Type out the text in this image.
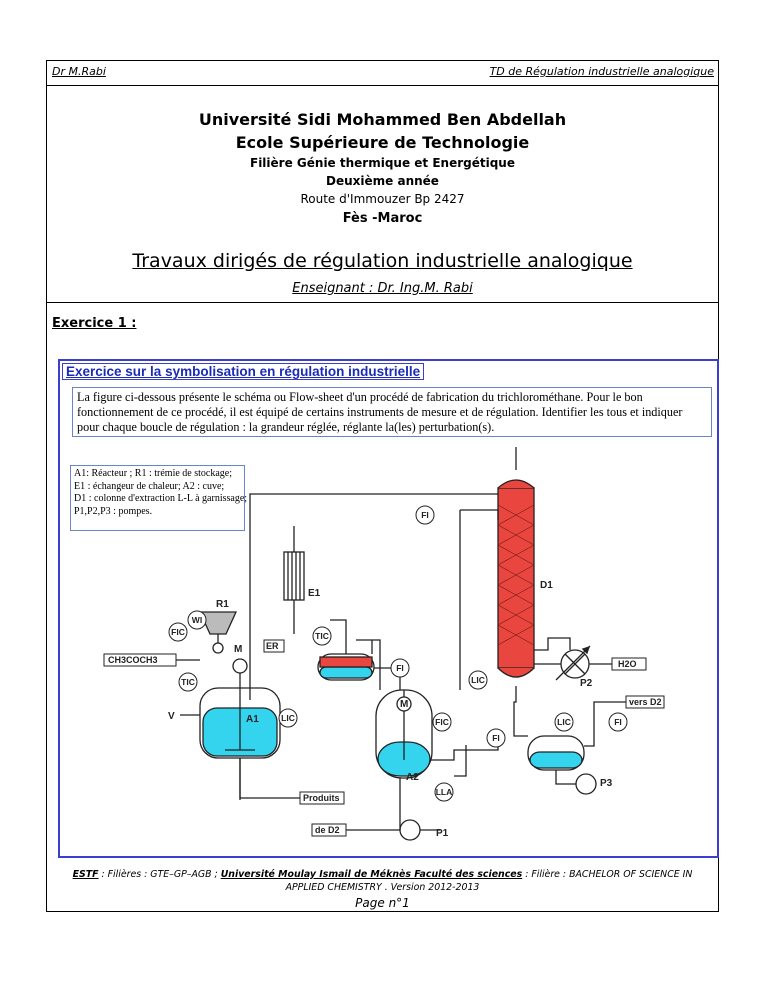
Dr M.Rabi	TD de Régulation industrielle analogique
Université Sidi Mohammed Ben Abdellah
Ecole Supérieure de Technologie
Filière Génie thermique et Energétique
Deuxième année
Route d'Immouzer Bp 2427
Fès -Maroc
Travaux dirigés de régulation industrielle analogique
Enseignant : Dr. Ing.M. Rabi
Exercice 1 :
FI
FIC
WI
TIC
LIC
TIC
FI
LIC
FIC
FI
LIC	FI
LLA
R1
E1
D1
A1
A2
P1
P2
P3
M
M
V
CH3COCH3
ER
H2O
vers D2
Produits
de D2
Exercice sur la symbolisation en régulation industrielle
La figure ci-dessous présente le schéma ou Flow-sheet d'un procédé de fabrication du trichlorométhane. Pour le bon fonctionnement de ce procédé, il est équipé de certains instruments de mesure et de régulation. Identifier les tous et indiquer pour chaque boucle de régulation : la grandeur réglée, réglante la(les) perturbation(s).
A1: Réacteur ; R1 : trémie de stockage;
E1 : échangeur de chaleur; A2 : cuve;
D1 : colonne d'extraction L-L à garnissage;
P1,P2,P3 : pompes.
ESTF : Filières : GTE–GP–AGB ; Université Moulay Ismail de Méknès Faculté des sciences : Filière : BACHELOR OF SCIENCE IN
APPLIED CHEMISTRY . Version 2012-2013
Page n°1
